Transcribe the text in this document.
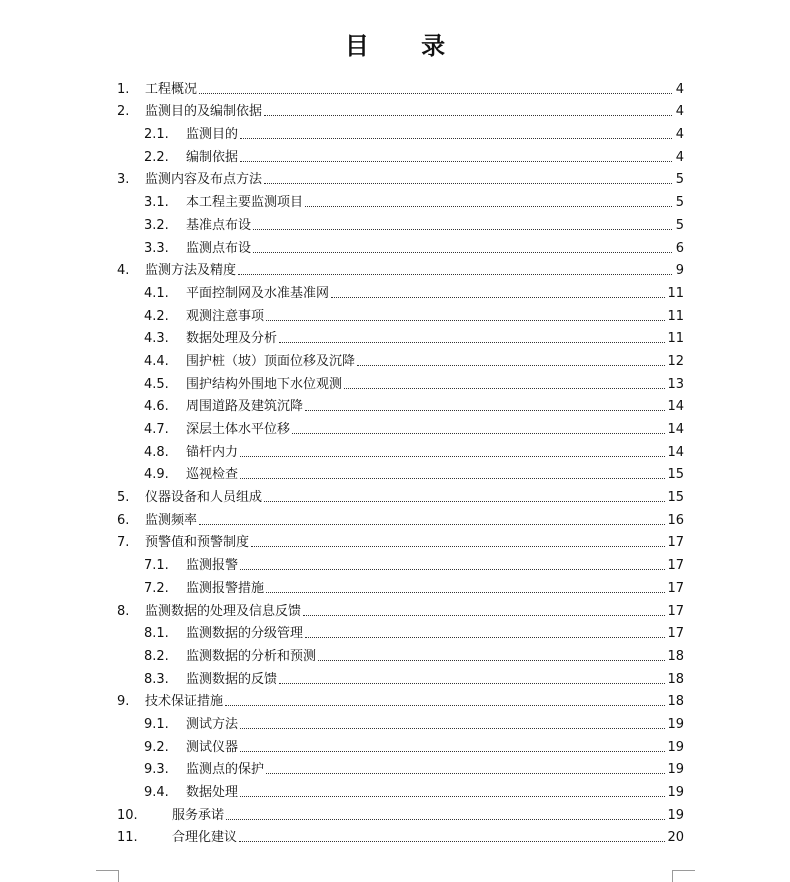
目 录
1.	工程概况	4
2.	监测目的及编制依据	4
2.1.	监测目的	4
2.2.	编制依据	4
3.	监测内容及布点方法	5
3.1.	本工程主要监测项目	5
3.2.	基准点布设	5
3.3.	监测点布设	6
4.	监测方法及精度	9
4.1.	平面控制网及水准基准网	11
4.2.	观测注意事项	11
4.3.	数据处理及分析	11
4.4.	围护桩（坡）顶面位移及沉降	12
4.5.	围护结构外围地下水位观测	13
4.6.	周围道路及建筑沉降	14
4.7.	深层土体水平位移	14
4.8.	锚杆内力	14
4.9.	巡视检查	15
5.	仪器设备和人员组成	15
6.	监测频率	16
7.	预警值和预警制度	17
7.1.	监测报警	17
7.2.	监测报警措施	17
8.	监测数据的处理及信息反馈	17
8.1.	监测数据的分级管理	17
8.2.	监测数据的分析和预测	18
8.3.	监测数据的反馈	18
9.	技术保证措施	18
9.1.	测试方法	19
9.2.	测试仪器	19
9.3.	监测点的保护	19
9.4.	数据处理	19
10.	服务承诺	19
11.	合理化建议	20
